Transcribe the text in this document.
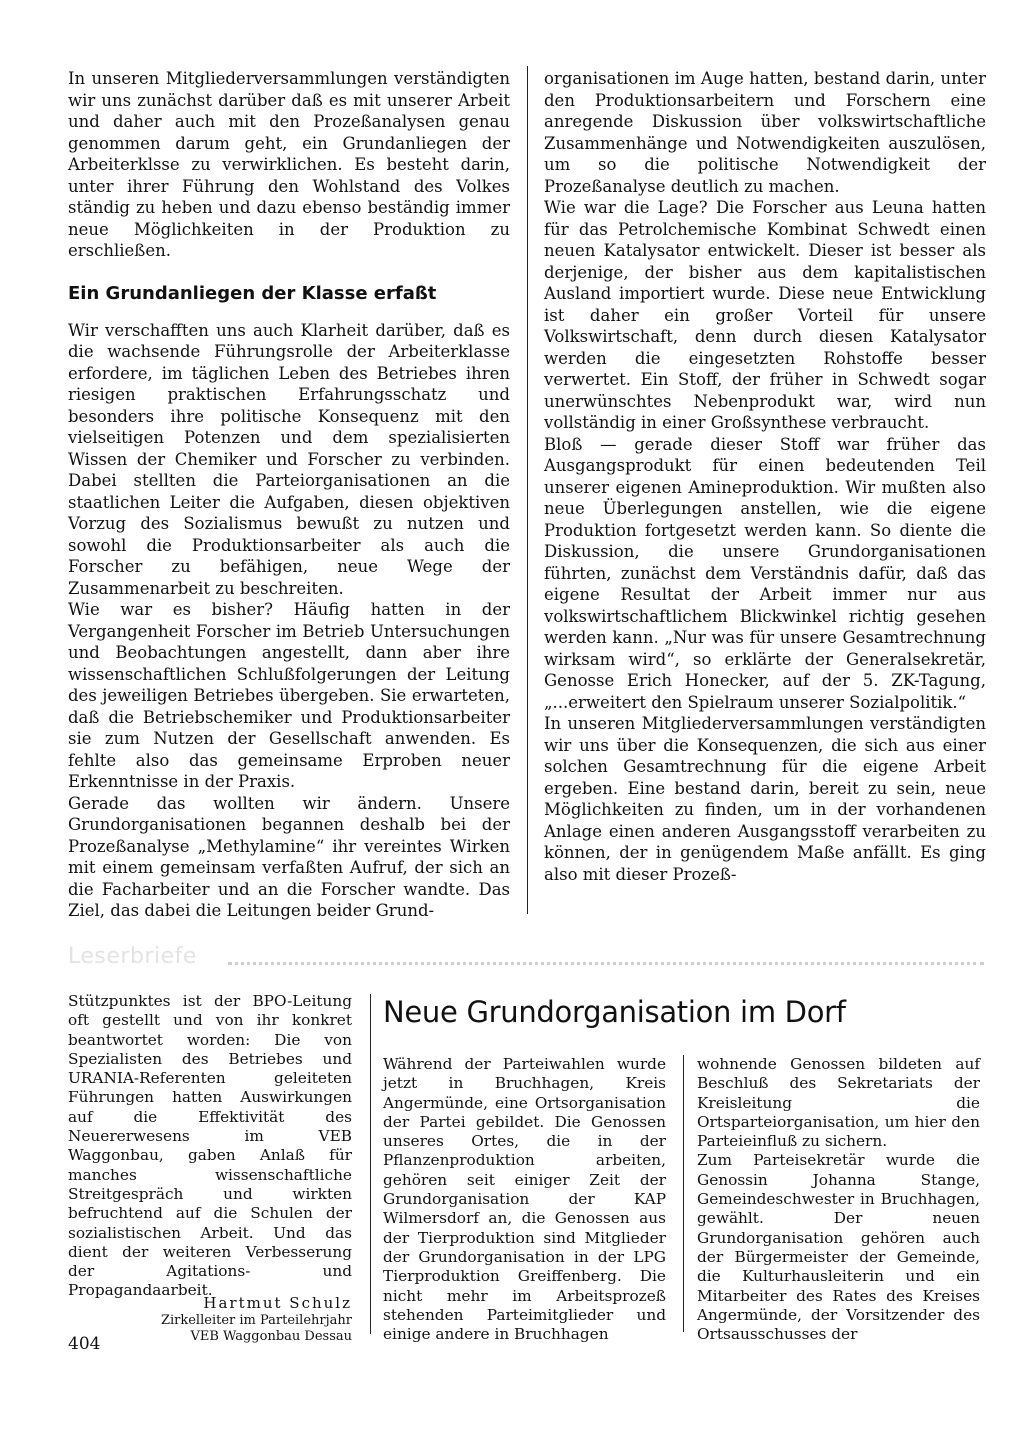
In unseren Mitgliederversammlungen verständigten wir uns zunächst darüber daß es mit unserer Arbeit und daher auch mit den Prozeßanalysen genau genommen darum geht, ein Grundanliegen der Arbeiterklsse zu verwirklichen. Es besteht darin, unter ihrer Führung den Wohlstand des Volkes ständig zu heben und dazu ebenso beständig immer neue Möglichkeiten in der Produktion zu erschließen.

Ein Grundanliegen der Klasse erfaßt

Wir verschafften uns auch Klarheit darüber, daß es die wachsende Führungsrolle der Arbeiterklasse erfordere, im täglichen Leben des Betriebes ihren riesigen praktischen Erfahrungsschatz und besonders ihre politische Konsequenz mit den vielseitigen Potenzen und dem spezialisierten Wissen der Chemiker und Forscher zu verbinden. Dabei stellten die Parteiorganisationen an die staatlichen Leiter die Aufgaben, diesen objektiven Vorzug des Sozialismus bewußt zu nutzen und sowohl die Produktionsarbeiter als auch die Forscher zu befähigen, neue Wege der Zusammenarbeit zu beschreiten.

Wie war es bisher? Häufig hatten in der Vergangenheit Forscher im Betrieb Untersuchungen und Beobachtungen angestellt, dann aber ihre wissenschaftlichen Schlußfolgerungen der Leitung des jeweiligen Betriebes übergeben. Sie erwarteten, daß die Betriebschemiker und Produktionsarbeiter sie zum Nutzen der Gesellschaft anwenden. Es fehlte also das gemeinsame Erproben neuer Erkenntnisse in der Praxis.

Gerade das wollten wir ändern. Unsere Grundorganisationen begannen deshalb bei der Prozeßanalyse „Methylamine“ ihr vereintes Wirken mit einem gemeinsam verfaßten Aufruf, der sich an die Facharbeiter und an die Forscher wandte. Das Ziel, das dabei die Leitungen beider Grund-

organisationen im Auge hatten, bestand darin, unter den Produktionsarbeitern und Forschern eine anregende Diskussion über volkswirtschaftliche Zusammenhänge und Notwendigkeiten auszulösen, um so die politische Notwendigkeit der Prozeßanalyse deutlich zu machen.

Wie war die Lage? Die Forscher aus Leuna hatten für das Petrolchemische Kombinat Schwedt einen neuen Katalysator entwickelt. Dieser ist besser als derjenige, der bisher aus dem kapitalistischen Ausland importiert wurde. Diese neue Entwicklung ist daher ein großer Vorteil für unsere Volkswirtschaft, denn durch diesen Katalysator werden die eingesetzten Rohstoffe besser verwertet. Ein Stoff, der früher in Schwedt sogar unerwünschtes Nebenprodukt war, wird nun vollständig in einer Großsynthese verbraucht.

Bloß — gerade dieser Stoff war früher das Ausgangsprodukt für einen bedeutenden Teil unserer eigenen Amineproduktion. Wir mußten also neue Überlegungen anstellen, wie die eigene Produktion fortgesetzt werden kann. So diente die Diskussion, die unsere Grundorganisationen führten, zunächst dem Verständnis dafür, daß das eigene Resultat der Arbeit immer nur aus volkswirtschaftlichem Blickwinkel richtig gesehen werden kann. „Nur was für unsere Gesamtrechnung wirksam wird“, so erklärte der Generalsekretär, Genosse Erich Honecker, auf der 5. ZK-Tagung, „...erweitert den Spielraum unserer Sozialpolitik.“

In unseren Mitgliederversammlungen verständigten wir uns über die Konsequenzen, die sich aus einer solchen Gesamtrechnung für die eigene Arbeit ergeben. Eine bestand darin, bereit zu sein, neue Möglichkeiten zu finden, um in der vorhandenen Anlage einen anderen Ausgangsstoff verarbeiten zu können, der in genügendem Maße anfällt. Es ging also mit dieser Prozeß-

Leserbriefe

Stützpunktes ist der BPO-Leitung oft gestellt und von ihr konkret beantwortet worden: Die von Spezialisten des Betriebes und URANIA-Referenten geleiteten Führungen hatten Auswirkungen auf die Effektivität des Neuererwesens im VEB Waggonbau, gaben Anlaß für manches wissenschaftliche Streitgespräch und wirkten befruchtend auf die Schulen der sozialistischen Arbeit. Und das dient der weiteren Verbesserung der Agitations- und Propagandaarbeit.

Hartmut Schulz
Zirkelleiter im Parteilehrjahr
VEB Waggonbau Dessau
Neue Grundorganisation im Dorf

Während der Parteiwahlen wurde jetzt in Bruchhagen, Kreis Angermünde, eine Ortsorganisation der Partei gebildet. Die Genossen unseres Ortes, die in der Pflanzenproduktion arbeiten, gehören seit einiger Zeit der Grundorganisation der KAP Wilmersdorf an, die Genossen aus der Tierproduktion sind Mitglieder der Grundorganisation in der LPG Tierproduktion Greiffenberg. Die nicht mehr im Arbeitsprozeß stehenden Parteimitglieder und einige andere in Bruchhagen

wohnende Genossen bildeten auf Beschluß des Sekretariats der Kreisleitung die Ortsparteiorganisation, um hier den Parteieinfluß zu sichern.

Zum Parteisekretär wurde die Genossin Johanna Stange, Gemeindeschwester in Bruchhagen, gewählt. Der neuen Grundorganisation gehören auch der Bürgermeister der Gemeinde, die Kulturhausleiterin und ein Mitarbeiter des Rates des Kreises Angermünde, der Vorsitzender des Ortsausschusses der

404
